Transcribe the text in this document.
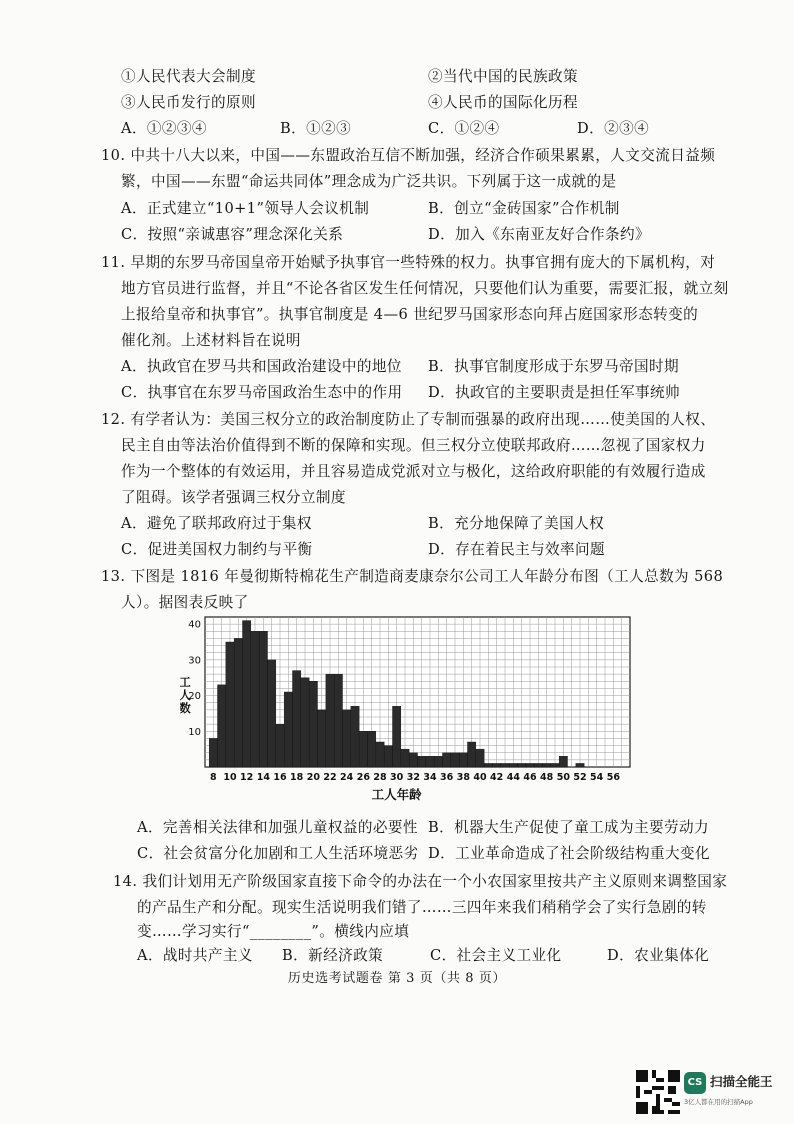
①人民代表大会制度	②当代中国的民族政策
③人民币发行的原则	④人民币的国际化历程
A．①②③④	B．①②③	C．①②④	D．②③④
10. 中共十八大以来，中国——东盟政治互信不断加强，经济合作硕果累累，人文交流日益频
繁，中国——东盟“命运共同体”理念成为广泛共识。下列属于这一成就的是
A．正式建立“10+1”领导人会议机制	B．创立“金砖国家”合作机制
C．按照“亲诚惠容”理念深化关系	D．加入《东南亚友好合作条约》
11. 早期的东罗马帝国皇帝开始赋予执事官一些特殊的权力。执事官拥有庞大的下属机构，对
地方官员进行监督，并且“不论各省区发生任何情况，只要他们认为重要，需要汇报，就立刻
上报给皇帝和执事官”。执事官制度是 4—6 世纪罗马国家形态向拜占庭国家形态转变的
催化剂。上述材料旨在说明
A．执政官在罗马共和国政治建设中的地位 B．执事官制度形成于东罗马帝国时期
C．执事官在东罗马帝国政治生态中的作用 D．执政官的主要职责是担任军事统帅
12. 有学者认为：美国三权分立的政治制度防止了专制而强暴的政府出现……使美国的人权、
民主自由等法治价值得到不断的保障和实现。但三权分立使联邦政府……忽视了国家权力
作为一个整体的有效运用，并且容易造成党派对立与极化，这给政府职能的有效履行造成
了阻碍。该学者强调三权分立制度
A．避免了联邦政府过于集权	B．充分地保障了美国人权
C．促进美国权力制约与平衡	D．存在着民主与效率问题
13. 下图是 1816 年曼彻斯特棉花生产制造商麦康奈尔公司工人年龄分布图（工人总数为 568
人）。据图表反映了
10
20
30
40
8 10 12 14 16 18 20 22 24 26 28 30 32 34 36 38 40 42 44 46 48 50 52 54 56
工
人
数
工人年龄
A．完善相关法律和加强儿童权益的必要性 B．机器大生产促使了童工成为主要劳动力
C．社会贫富分化加剧和工人生活环境恶劣 D．工业革命造成了社会阶级结构重大变化
14. 我们计划用无产阶级国家直接下命令的办法在一个小农国家里按共产主义原则来调整国家
的产品生产和分配。现实生活说明我们错了……三四年来我们稍稍学会了实行急剧的转
变……学习实行“________”。横线内应填
A．战时共产主义 B．新经济政策	C．社会主义工业化	D．农业集体化
历史选考试题卷 第 3 页（共 8 页）
CS 扫描全能王
3亿人都在用的扫描App
